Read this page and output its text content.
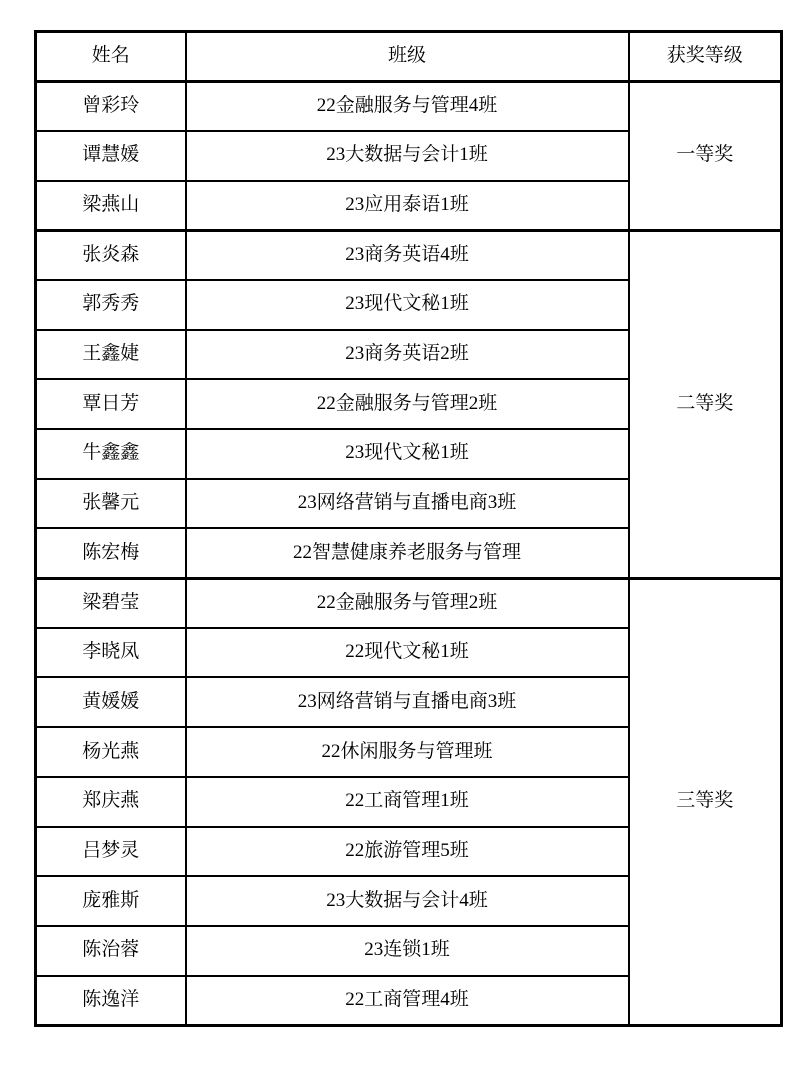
姓名	班级	获奖等级
曾彩玲	22金融服务与管理4班	一等奖
谭慧媛	23大数据与会计1班	
梁燕山	23应用泰语1班	
张炎森	23商务英语4班	二等奖
郭秀秀	23现代文秘1班	
王鑫婕	23商务英语2班	
覃日芳	22金融服务与管理2班	
牛鑫鑫	23现代文秘1班	
张馨元	23网络营销与直播电商3班	
陈宏梅	22智慧健康养老服务与管理	
梁碧莹	22金融服务与管理2班	三等奖
李晓凤	22现代文秘1班	
黄媛媛	23网络营销与直播电商3班	
杨光燕	22休闲服务与管理班	
郑庆燕	22工商管理1班	
吕梦灵	22旅游管理5班	
庞雅斯	23大数据与会计4班	
陈治蓉	23连锁1班	
陈逸洋	22工商管理4班	
